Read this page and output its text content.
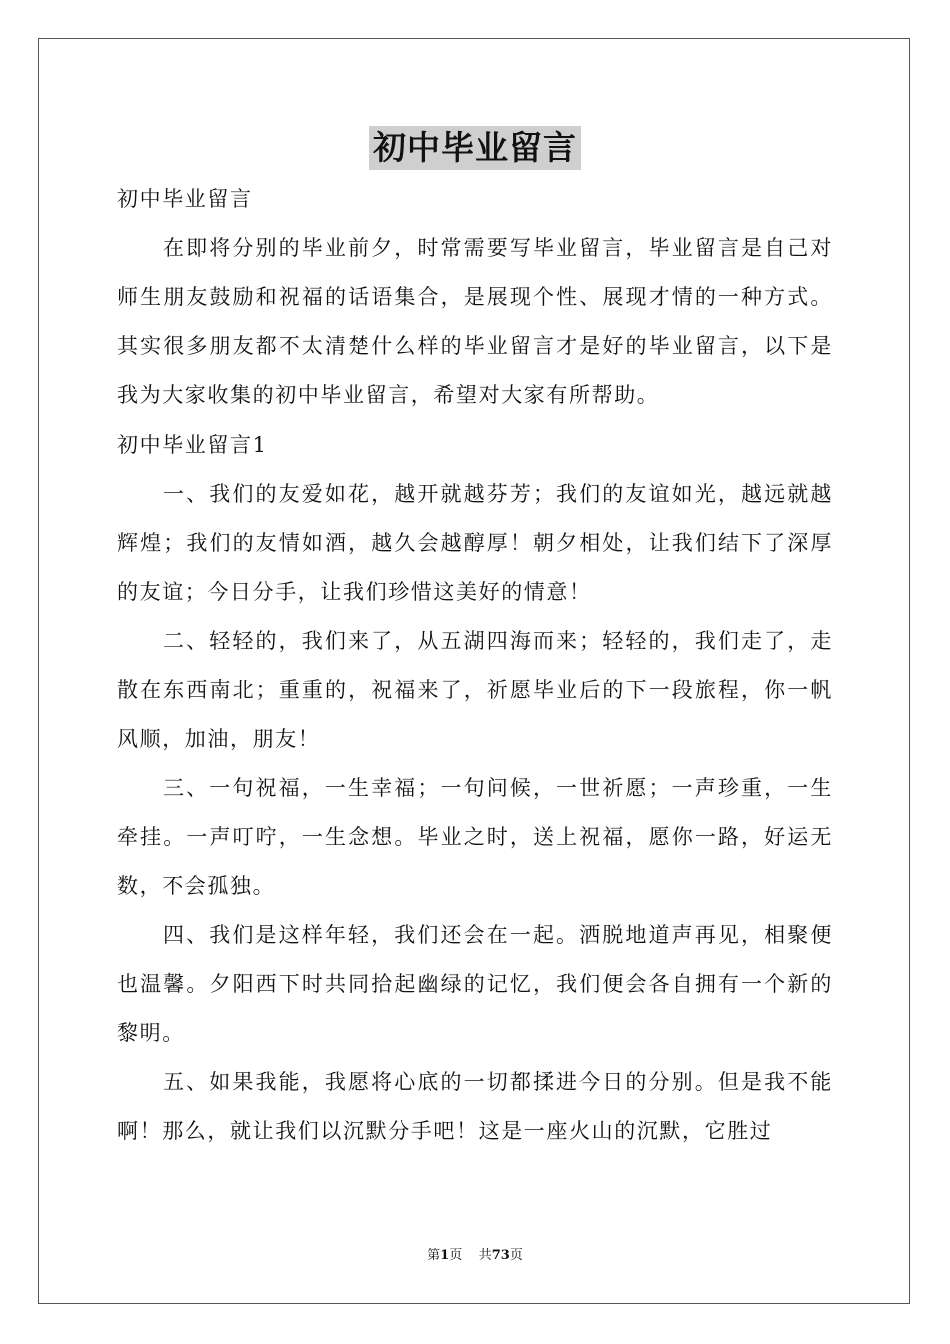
初中毕业留言
初中毕业留言

在即将分别的毕业前夕，时常需要写毕业留言，毕业留言是自己对师生朋友鼓励和祝福的话语集合，是展现个性、展现才情的一种方式。其实很多朋友都不太清楚什么样的毕业留言才是好的毕业留言，以下是我为大家收集的初中毕业留言，希望对大家有所帮助。

初中毕业留言1

一、我们的友爱如花，越开就越芬芳；我们的友谊如光，越远就越辉煌；我们的友情如酒，越久会越醇厚！朝夕相处，让我们结下了深厚的友谊；今日分手，让我们珍惜这美好的情意！

二、轻轻的，我们来了，从五湖四海而来；轻轻的，我们走了，走散在东西南北；重重的，祝福来了，祈愿毕业后的下一段旅程，你一帆风顺，加油，朋友！

三、一句祝福，一生幸福；一句问候，一世祈愿；一声珍重，一生牵挂。一声叮咛，一生念想。毕业之时，送上祝福，愿你一路，好运无数，不会孤独。

四、我们是这样年轻，我们还会在一起。洒脱地道声再见，相聚便也温馨。夕阳西下时共同拾起幽绿的记忆，我们便会各自拥有一个新的黎明。

五、如果我能，我愿将心底的一切都揉进今日的分别。但是我不能啊！那么，就让我们以沉默分手吧！这是一座火山的沉默，它胜过

第1页 共73页
